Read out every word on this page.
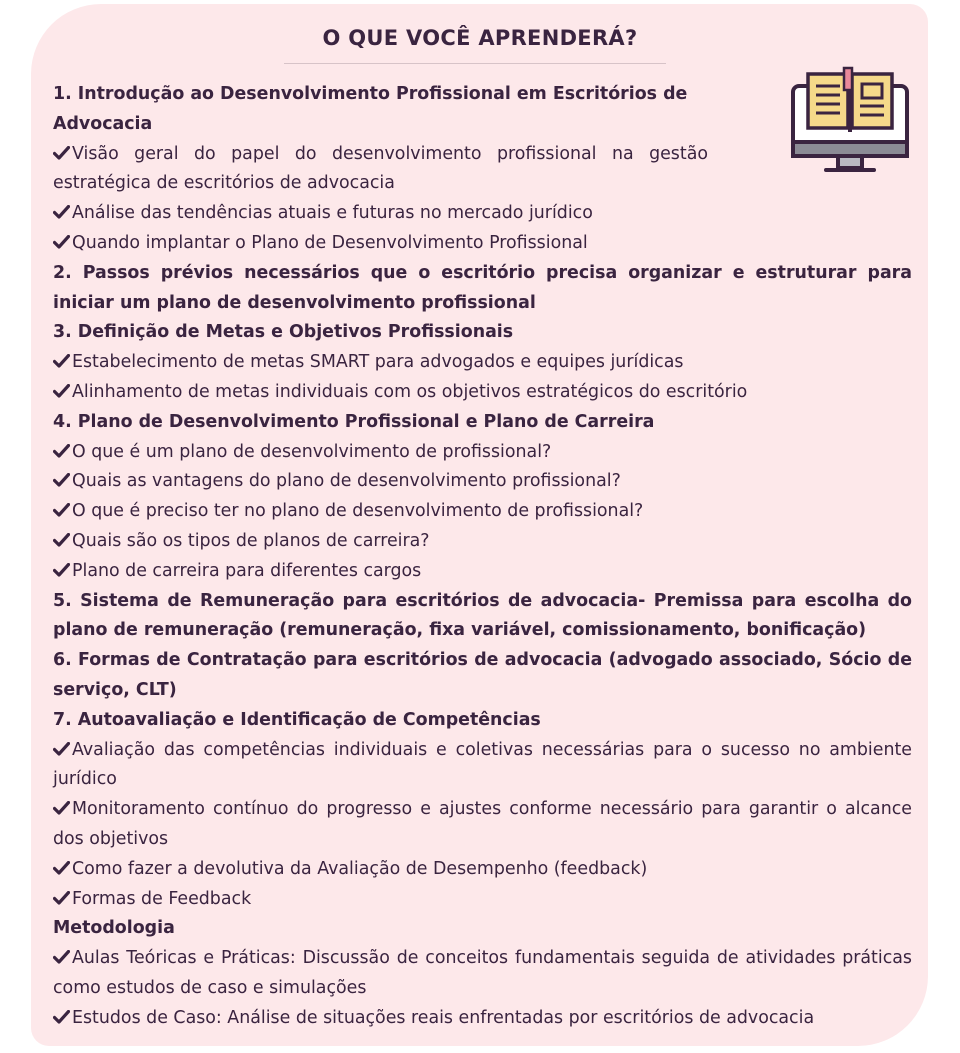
O QUE VOCÊ APRENDERÁ?
1. Introdução ao Desenvolvimento Profissional em Escritórios de Advocacia
Visão geral do papel do desenvolvimento profissional na gestão estratégica de escritórios de advocacia
Análise das tendências atuais e futuras no mercado jurídico
Quando implantar o Plano de Desenvolvimento Profissional
2. Passos prévios necessários que o escritório precisa organizar e estruturar para iniciar um plano de desenvolvimento profissional
3. Definição de Metas e Objetivos Profissionais
Estabelecimento de metas SMART para advogados e equipes jurídicas
Alinhamento de metas individuais com os objetivos estratégicos do escritório
4. Plano de Desenvolvimento Profissional e Plano de Carreira
O que é um plano de desenvolvimento de profissional?
Quais as vantagens do plano de desenvolvimento profissional?
O que é preciso ter no plano de desenvolvimento de profissional?
Quais são os tipos de planos de carreira?
Plano de carreira para diferentes cargos
5. Sistema de Remuneração para escritórios de advocacia- Premissa para escolha do plano de remuneração (remuneração, fixa variável, comissionamento, bonificação)
6. Formas de Contratação para escritórios de advocacia (advogado associado, Sócio de serviço, CLT)
7. Autoavaliação e Identificação de Competências
Avaliação das competências individuais e coletivas necessárias para o sucesso no ambiente jurídico
Monitoramento contínuo do progresso e ajustes conforme necessário para garantir o alcance dos objetivos
Como fazer a devolutiva da Avaliação de Desempenho (feedback)
Formas de Feedback
Metodologia
Aulas Teóricas e Práticas: Discussão de conceitos fundamentais seguida de atividades práticas como estudos de caso e simulações
Estudos de Caso: Análise de situações reais enfrentadas por escritórios de advocacia
